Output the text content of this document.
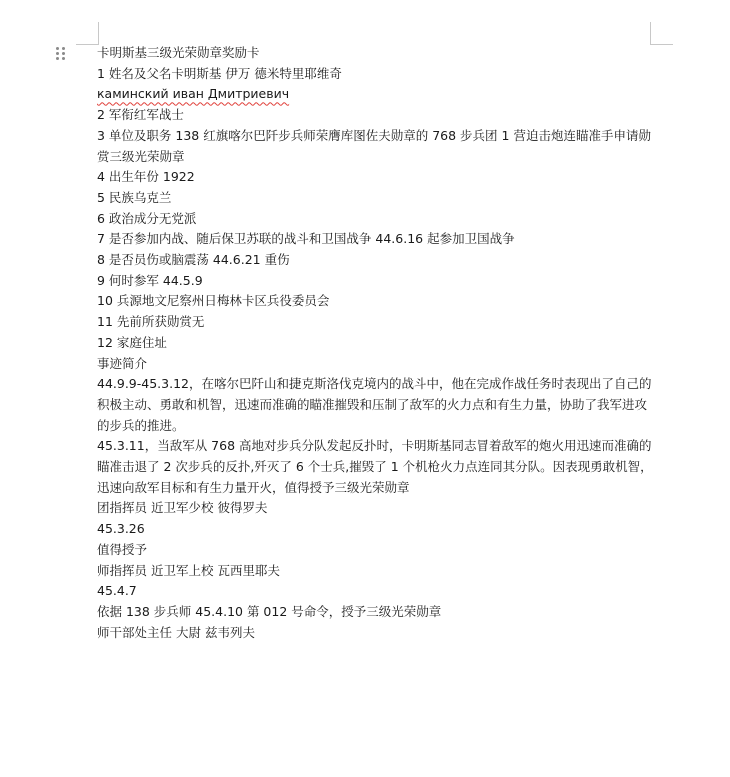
卡明斯基三级光荣勋章奖励卡

1 姓名及父名卡明斯基 伊万 德米特里耶维奇

каминский иван Дмитриевич

2 军衔红军战士

3 单位及职务 138 红旗喀尔巴阡步兵师荣膺库图佐夫勋章的 768 步兵团 1 营迫击炮连瞄准手申请勋赏三级光荣勋章

4 出生年份 1922

5 民族乌克兰

6 政治成分无党派

7 是否参加内战、随后保卫苏联的战斗和卫国战争 44.6.16 起参加卫国战争

8 是否员伤或脑震荡 44.6.21 重伤

9 何时参军 44.5.9

10 兵源地文尼察州日梅林卡区兵役委员会

11 先前所获勋赏无

12 家庭住址

事迹简介

44.9.9-45.3.12，在喀尔巴阡山和捷克斯洛伐克境内的战斗中，他在完成作战任务时表现出了自己的积极主动、勇敢和机智，迅速而准确的瞄准摧毁和压制了敌军的火力点和有生力量，协助了我军进攻的步兵的推进。

45.3.11，当敌军从 768 高地对步兵分队发起反扑时，卡明斯基同志冒着敌军的炮火用迅速而准确的瞄准击退了 2 次步兵的反扑,歼灭了 6 个士兵,摧毁了 1 个机枪火力点连同其分队。因表现勇敢机智，迅速向敌军目标和有生力量开火，值得授予三级光荣勋章

团指挥员 近卫军少校 彼得罗夫

45.3.26

值得授予

师指挥员 近卫军上校 瓦西里耶夫

45.4.7

依据 138 步兵师 45.4.10 第 012 号命令，授予三级光荣勋章

师干部处主任 大尉 兹韦列夫
